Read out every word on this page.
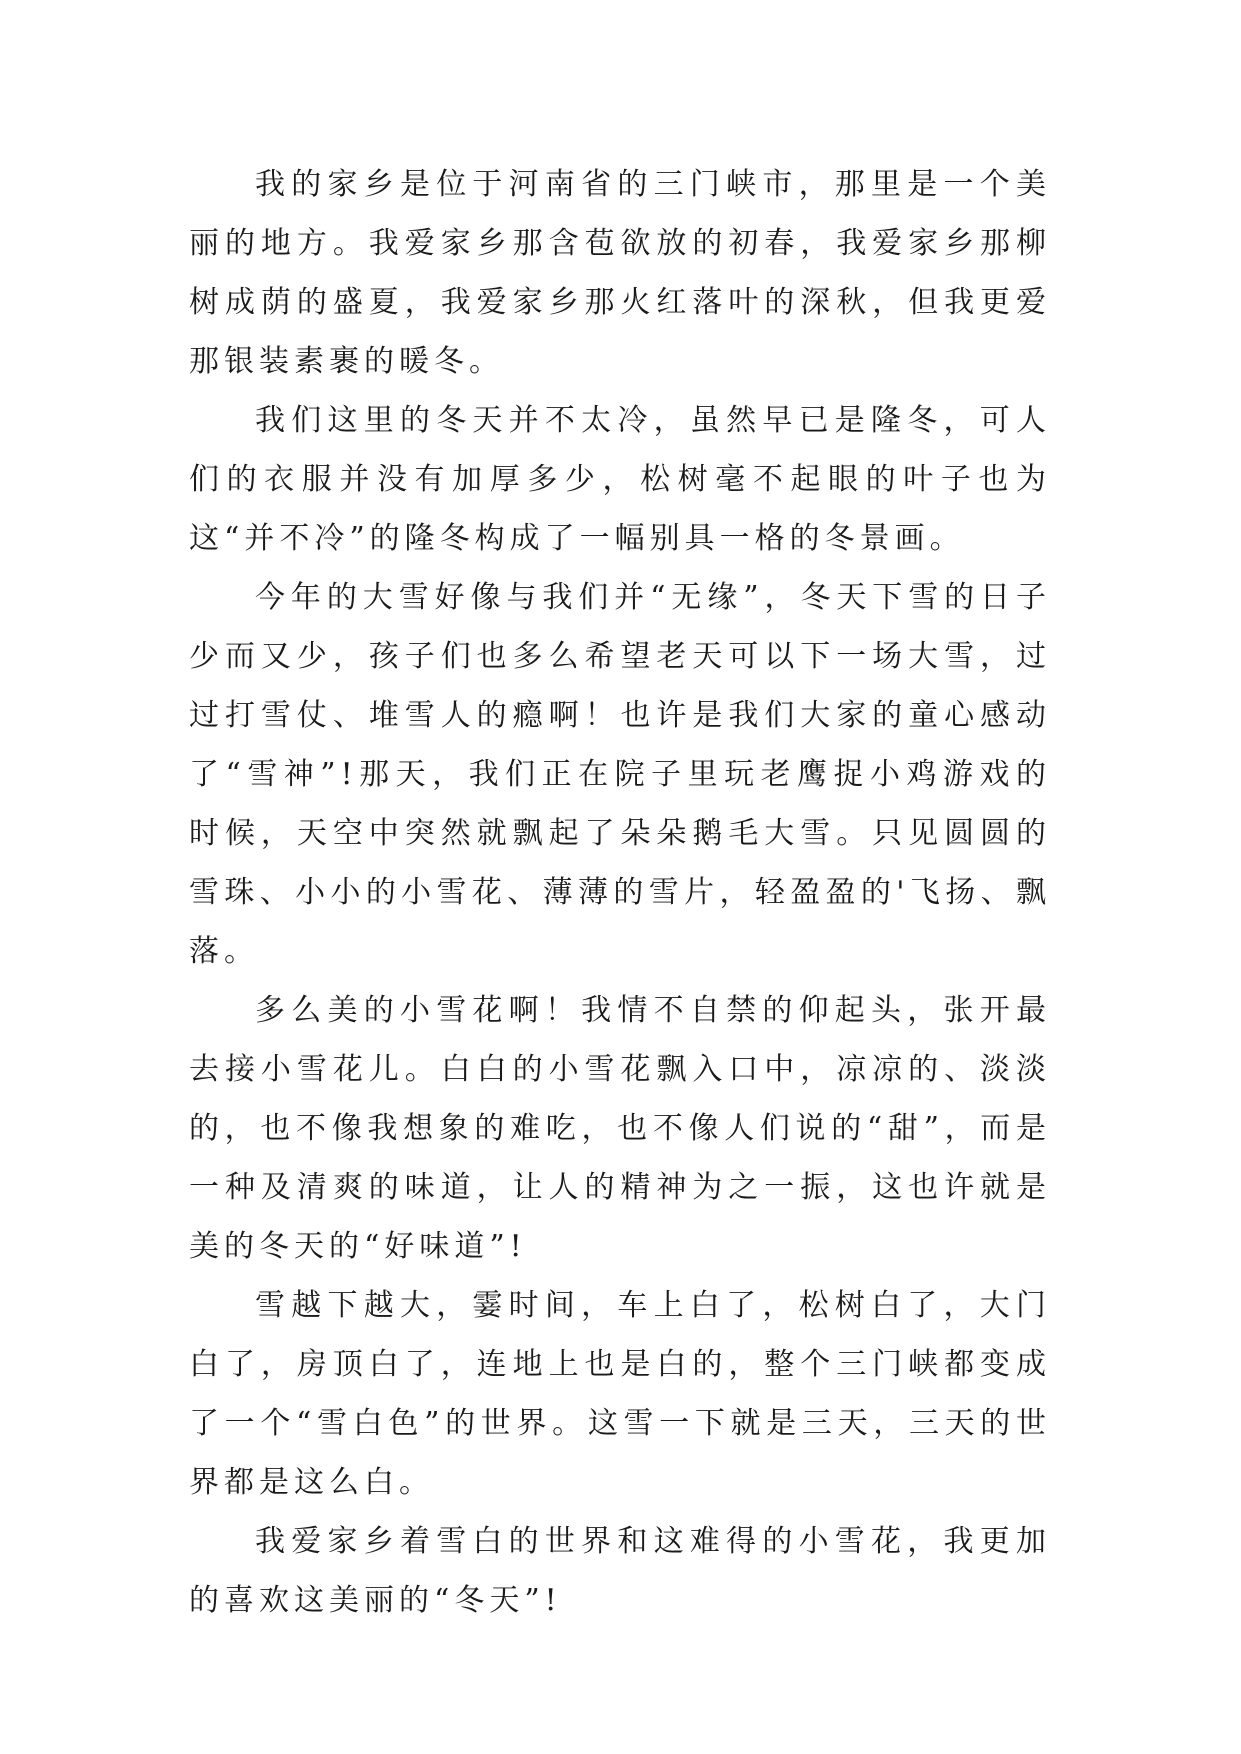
我的家乡是位于河南省的三门峡市，那里是一个美丽的地方。我爱家乡那含苞欲放的初春，我爱家乡那柳树成荫的盛夏，我爱家乡那火红落叶的深秋，但我更爱那银装素裹的暖冬。

我们这里的冬天并不太冷，虽然早已是隆冬，可人们的衣服并没有加厚多少，松树毫不起眼的叶子也为这“并不冷”的隆冬构成了一幅别具一格的冬景画。

今年的大雪好像与我们并“无缘”，冬天下雪的日子少而又少，孩子们也多么希望老天可以下一场大雪，过过打雪仗、堆雪人的瘾啊！也许是我们大家的童心感动了“雪神”!那天，我们正在院子里玩老鹰捉小鸡游戏的时候，天空中突然就飘起了朵朵鹅毛大雪。只见圆圆的雪珠、小小的小雪花、薄薄的雪片，轻盈盈的'飞扬、飘落。

多么美的小雪花啊！我情不自禁的仰起头，张开最去接小雪花儿。白白的小雪花飘入口中，凉凉的、淡淡的，也不像我想象的难吃，也不像人们说的“甜”，而是一种及清爽的味道，让人的精神为之一振，这也许就是美的冬天的“好味道”!

雪越下越大，霎时间，车上白了，松树白了，大门白了，房顶白了，连地上也是白的，整个三门峡都变成了一个“雪白色”的世界。这雪一下就是三天，三天的世界都是这么白。

我爱家乡着雪白的世界和这难得的小雪花，我更加的喜欢这美丽的“冬天”!
